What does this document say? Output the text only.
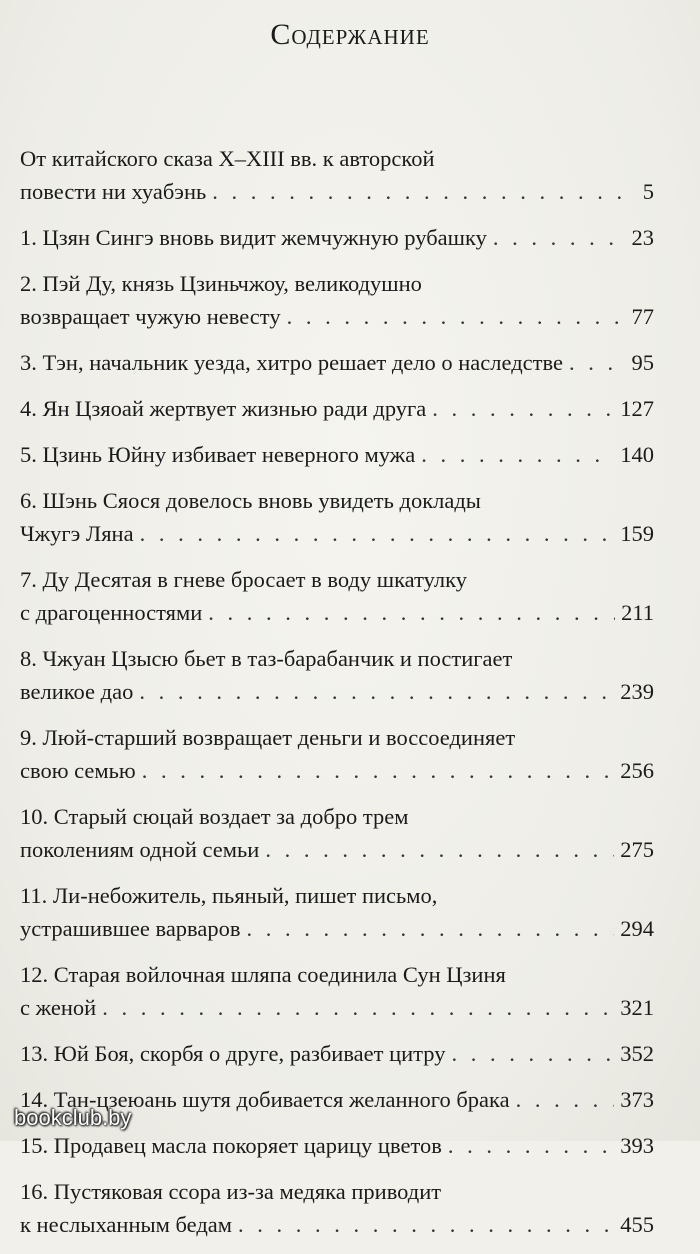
Содержание
От китайского сказа X–XIII вв. к авторской
повести ни хуабэнь . . .	5
1. Цзян Сингэ вновь видит жемчужную рубашку . . .	23
2. Пэй Ду, князь Цзиньчжоу, великодушно
возвращает чужую невесту . . .	77
3. Тэн, начальник уезда, хитро решает дело о наследстве . . .	95
4. Ян Цзяоай жертвует жизнью ради друга . . .	127
5. Цзинь Юйну избивает неверного мужа . . .	140
6. Шэнь Сяося довелось вновь увидеть доклады
Чжугэ Ляна . . .	159
7. Ду Десятая в гневе бросает в воду шкатулку
с драгоценностями . . .	211
8. Чжуан Цзысю бьет в таз-барабанчик и постигает
великое дао . . .	239
9. Люй-старший возвращает деньги и воссоединяет
свою семью . . .	256
10. Старый сюцай воздает за добро трем
поколениям одной семьи . . .	275
11. Ли-небожитель, пьяный, пишет письмо,
устрашившее варваров . . .	294
12. Старая войлочная шляпа соединила Сун Цзиня
с женой . . .	321
13. Юй Боя, скорбя о друге, разбивает цитру . . .	352
14. Тан-цзеюань шутя добивается желанного брака . . .	373
15. Продавец масла покоряет царицу цветов . . .	393
16. Пустяковая ссора из-за медяка приводит
к неслыханным бедам . . .	455
bookclub.by
